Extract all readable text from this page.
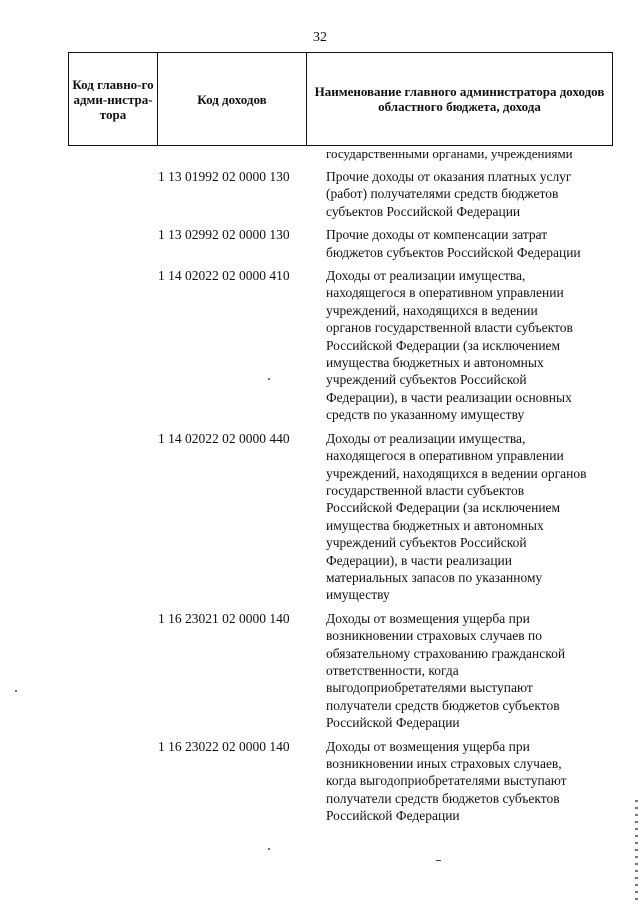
32
Код главно-го адми-нистра-тора	Код доходов	Наименование главного администратора доходов областного бюджета, дохода
государственными органами, учреждениями
1 13 01992 02 0000 130	Прочие доходы от оказания платных услуг
(работ) получателями средств бюджетов
субъектов Российской Федерации
1 13 02992 02 0000 130	Прочие доходы от компенсации затрат
бюджетов субъектов Российской Федерации
1 14 02022 02 0000 410	Доходы от реализации имущества,
находящегося в оперативном управлении
учреждений, находящихся в ведении
органов государственной власти субъектов
Российской Федерации (за исключением
имущества бюджетных и автономных
учреждений субъектов Российской
Федерации), в части реализации основных
средств по указанному имуществу
1 14 02022 02 0000 440	Доходы от реализации имущества,
находящегося в оперативном управлении
учреждений, находящихся в ведении органов
государственной власти субъектов
Российской Федерации (за исключением
имущества бюджетных и автономных
учреждений субъектов Российской
Федерации), в части реализации
материальных запасов по указанному
имуществу
1 16 23021 02 0000 140	Доходы от возмещения ущерба при
возникновении страховых случаев по
обязательному страхованию гражданской
ответственности, когда
выгодоприобретателями выступают
получатели средств бюджетов субъектов
Российской Федерации
1 16 23022 02 0000 140	Доходы от возмещения ущерба при
возникновении иных страховых случаев,
когда выгодоприобретателями выступают
получатели средств бюджетов субъектов
Российской Федерации
